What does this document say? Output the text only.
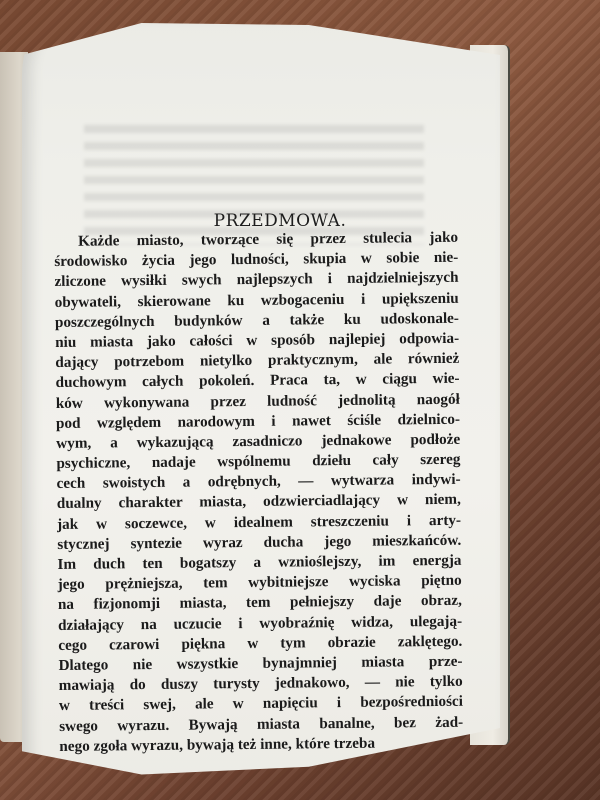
PRZEDMOWA.
Każde miasto, tworzące się przez stulecia jako
środowisko życia jego ludności, skupia w sobie nie-
zliczone wysiłki swych najlepszych i najdzielniejszych
obywateli, skierowane ku wzbogaceniu i upiększeniu
poszczególnych budynków a także ku udoskonale-
niu miasta jako całości w sposób najlepiej odpowia-
dający potrzebom nietylko praktycznym, ale również
duchowym całych pokoleń. Praca ta, w ciągu wie-
ków wykonywana przez ludność jednolitą naogół
pod względem narodowym i nawet ściśle dzielnico-
wym, a wykazującą zasadniczo jednakowe podłoże
psychiczne, nadaje wspólnemu dziełu cały szereg
cech swoistych a odrębnych, — wytwarza indywi-
dualny charakter miasta, odzwierciadlający w niem,
jak w soczewce, w idealnem streszczeniu i arty-
stycznej syntezie wyraz ducha jego mieszkańców.
Im duch ten bogatszy a wznioślejszy, im energja
jego prężniejsza, tem wybitniejsze wyciska piętno
na fizjonomji miasta, tem pełniejszy daje obraz,
działający na uczucie i wyobraźnię widza, ulegają-
cego czarowi piękna w tym obrazie zaklętego.
Dlatego nie wszystkie bynajmniej miasta prze-
mawiają do duszy turysty jednakowo, — nie tylko
w treści swej, ale w napięciu i bezpośredniości
swego wyrazu. Bywają miasta banalne, bez żad-
nego zgoła wyrazu, bywają też inne, które trzeba
